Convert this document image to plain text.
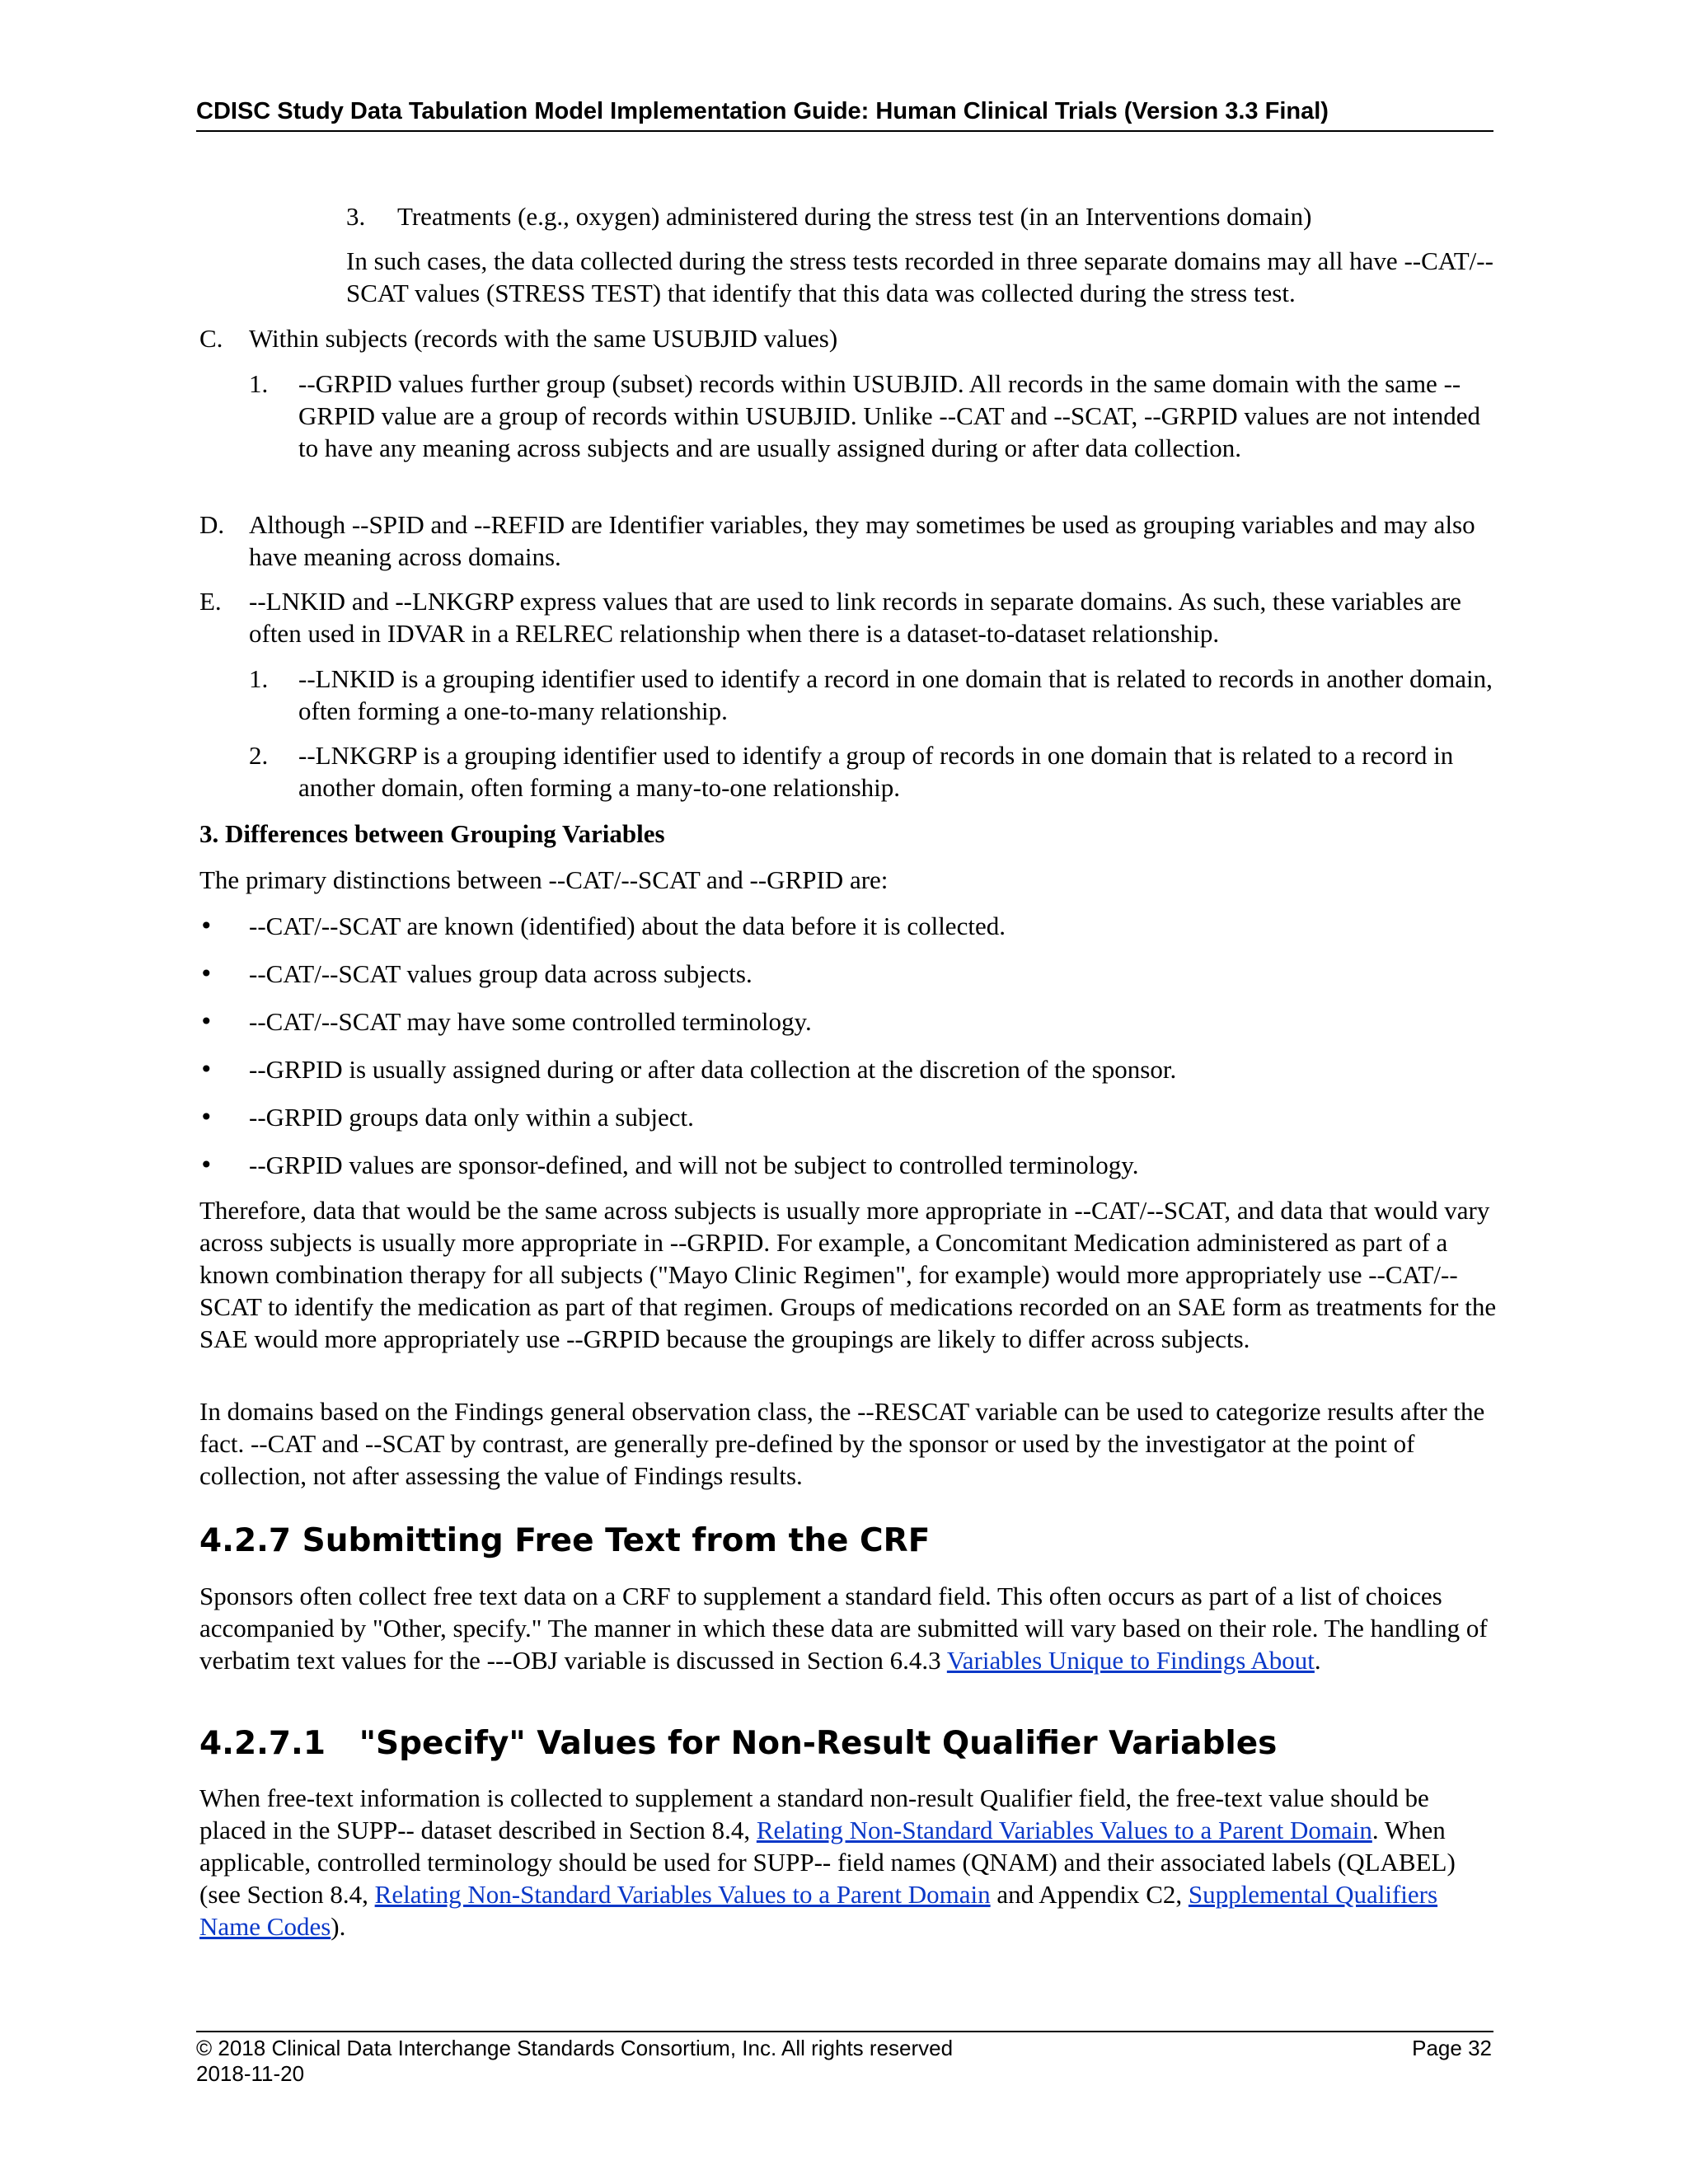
CDISC Study Data Tabulation Model Implementation Guide: Human Clinical Trials (Version 3.3 Final)
3. Treatments (e.g., oxygen) administered during the stress test (in an Interventions domain)
In such cases, the data collected during the stress tests recorded in three separate domains may all have --CAT/--SCAT values (STRESS TEST) that identify that this data was collected during the stress test.
C. Within subjects (records with the same USUBJID values)
1. --GRPID values further group (subset) records within USUBJID. All records in the same domain with the same --GRPID value are a group of records within USUBJID. Unlike --CAT and --SCAT, --GRPID values are not intended to have any meaning across subjects and are usually assigned during or after data collection.
D. Although --SPID and --REFID are Identifier variables, they may sometimes be used as grouping variables and may also have meaning across domains.
E. --LNKID and --LNKGRP express values that are used to link records in separate domains. As such, these variables are often used in IDVAR in a RELREC relationship when there is a dataset-to-dataset relationship.
1. --LNKID is a grouping identifier used to identify a record in one domain that is related to records in another domain, often forming a one-to-many relationship.
2. --LNKGRP is a grouping identifier used to identify a group of records in one domain that is related to a record in another domain, often forming a many-to-one relationship.
3. Differences between Grouping Variables
The primary distinctions between --CAT/--SCAT and --GRPID are:
• --CAT/--SCAT are known (identified) about the data before it is collected.
• --CAT/--SCAT values group data across subjects.
• --CAT/--SCAT may have some controlled terminology.
• --GRPID is usually assigned during or after data collection at the discretion of the sponsor.
• --GRPID groups data only within a subject.
• --GRPID values are sponsor-defined, and will not be subject to controlled terminology.
Therefore, data that would be the same across subjects is usually more appropriate in --CAT/--SCAT, and data that would vary across subjects is usually more appropriate in --GRPID. For example, a Concomitant Medication administered as part of a known combination therapy for all subjects ("Mayo Clinic Regimen", for example) would more appropriately use --CAT/--SCAT to identify the medication as part of that regimen. Groups of medications recorded on an SAE form as treatments for the SAE would more appropriately use --GRPID because the groupings are likely to differ across subjects.
In domains based on the Findings general observation class, the --RESCAT variable can be used to categorize results after the fact. --CAT and --SCAT by contrast, are generally pre-defined by the sponsor or used by the investigator at the point of collection, not after assessing the value of Findings results.
4.2.7 Submitting Free Text from the CRF
Sponsors often collect free text data on a CRF to supplement a standard field. This often occurs as part of a list of choices accompanied by "Other, specify." The manner in which these data are submitted will vary based on their role. The handling of verbatim text values for the ---OBJ variable is discussed in Section 6.4.3 Variables Unique to Findings About.
4.2.7.1   "Specify" Values for Non-Result Qualifier Variables
When free-text information is collected to supplement a standard non-result Qualifier field, the free-text value should be placed in the SUPP-- dataset described in Section 8.4, Relating Non-Standard Variables Values to a Parent Domain. When applicable, controlled terminology should be used for SUPP-- field names (QNAM) and their associated labels (QLABEL) (see Section 8.4, Relating Non-Standard Variables Values to a Parent Domain and Appendix C2, Supplemental Qualifiers Name Codes).
© 2018 Clinical Data Interchange Standards Consortium, Inc. All rights reserved	Page 32
2018-11-20
